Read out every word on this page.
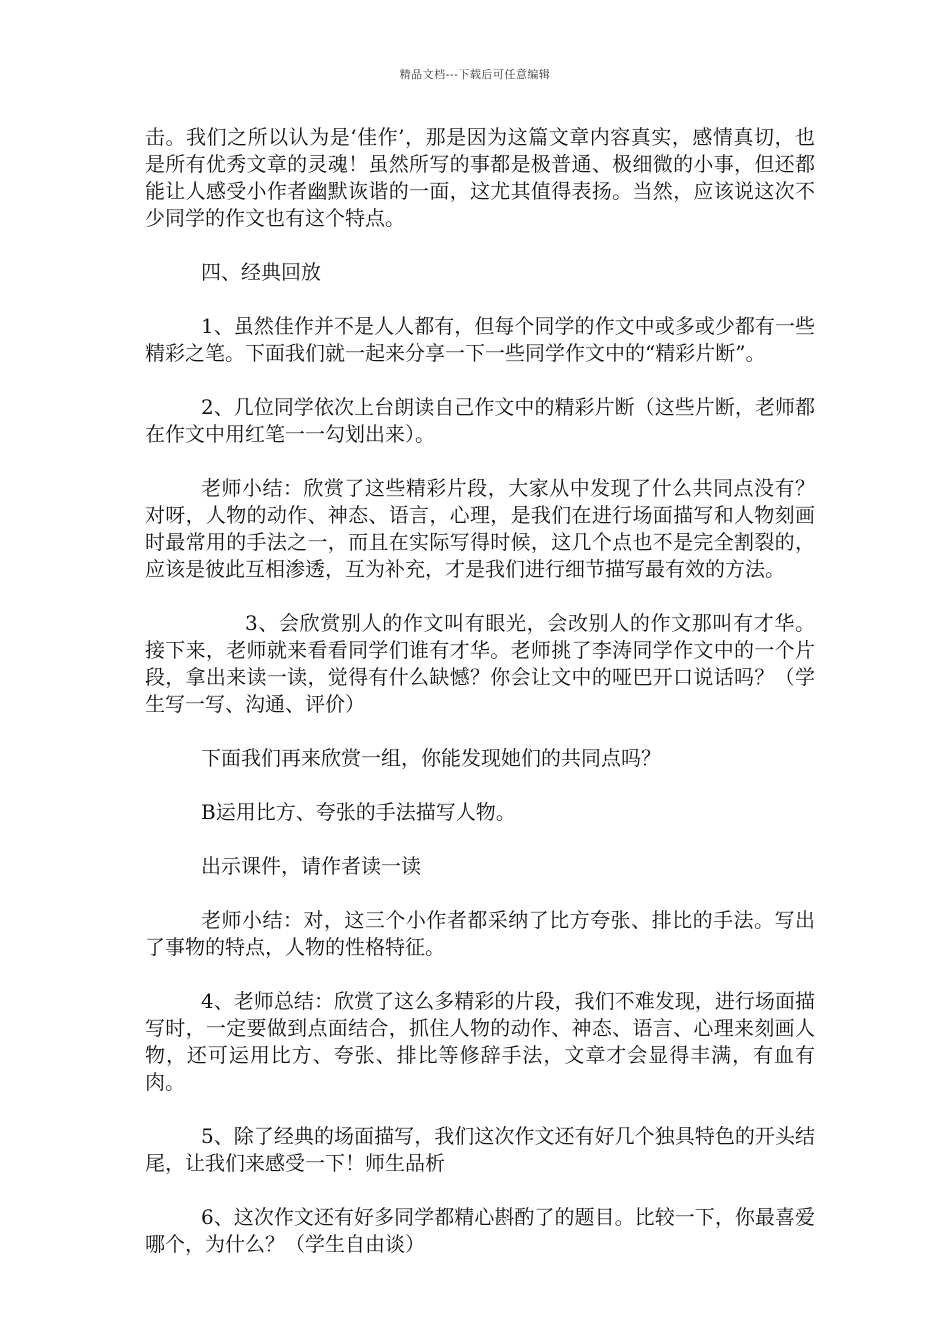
精品文档---下载后可任意编辑

击。我们之所以认为是‘佳作’，那是因为这篇文章内容真实，感情真切，也是所有优秀文章的灵魂！虽然所写的事都是极普通、极细微的小事，但还都能让人感受小作者幽默诙谐的一面，这尤其值得表扬。当然，应该说这次不少同学的作文也有这个特点。

四、经典回放

1、虽然佳作并不是人人都有，但每个同学的作文中或多或少都有一些精彩之笔。下面我们就一起来分享一下一些同学作文中的“精彩片断”。

2、几位同学依次上台朗读自己作文中的精彩片断（这些片断，老师都在作文中用红笔一一勾划出来）。

老师小结：欣赏了这些精彩片段，大家从中发现了什么共同点没有？对呀，人物的动作、神态、语言，心理，是我们在进行场面描写和人物刻画时最常用的手法之一，而且在实际写得时候，这几个点也不是完全割裂的，应该是彼此互相渗透，互为补充，才是我们进行细节描写最有效的方法。

3、会欣赏别人的作文叫有眼光，会改别人的作文那叫有才华。接下来，老师就来看看同学们谁有才华。老师挑了李涛同学作文中的一个片段，拿出来读一读，觉得有什么缺憾？你会让文中的哑巴开口说话吗？（学生写一写、沟通、评价）

下面我们再来欣赏一组，你能发现她们的共同点吗？

B运用比方、夸张的手法描写人物。

出示课件，请作者读一读

老师小结：对，这三个小作者都采纳了比方夸张、排比的手法。写出了事物的特点，人物的性格特征。

4、老师总结：欣赏了这么多精彩的片段，我们不难发现，进行场面描写时，一定要做到点面结合，抓住人物的动作、神态、语言、心理来刻画人物，还可运用比方、夸张、排比等修辞手法，文章才会显得丰满，有血有肉。

5、除了经典的场面描写，我们这次作文还有好几个独具特色的开头结尾，让我们来感受一下！师生品析

6、这次作文还有好多同学都精心斟酌了的题目。比较一下，你最喜爱哪个，为什么？（学生自由谈）
